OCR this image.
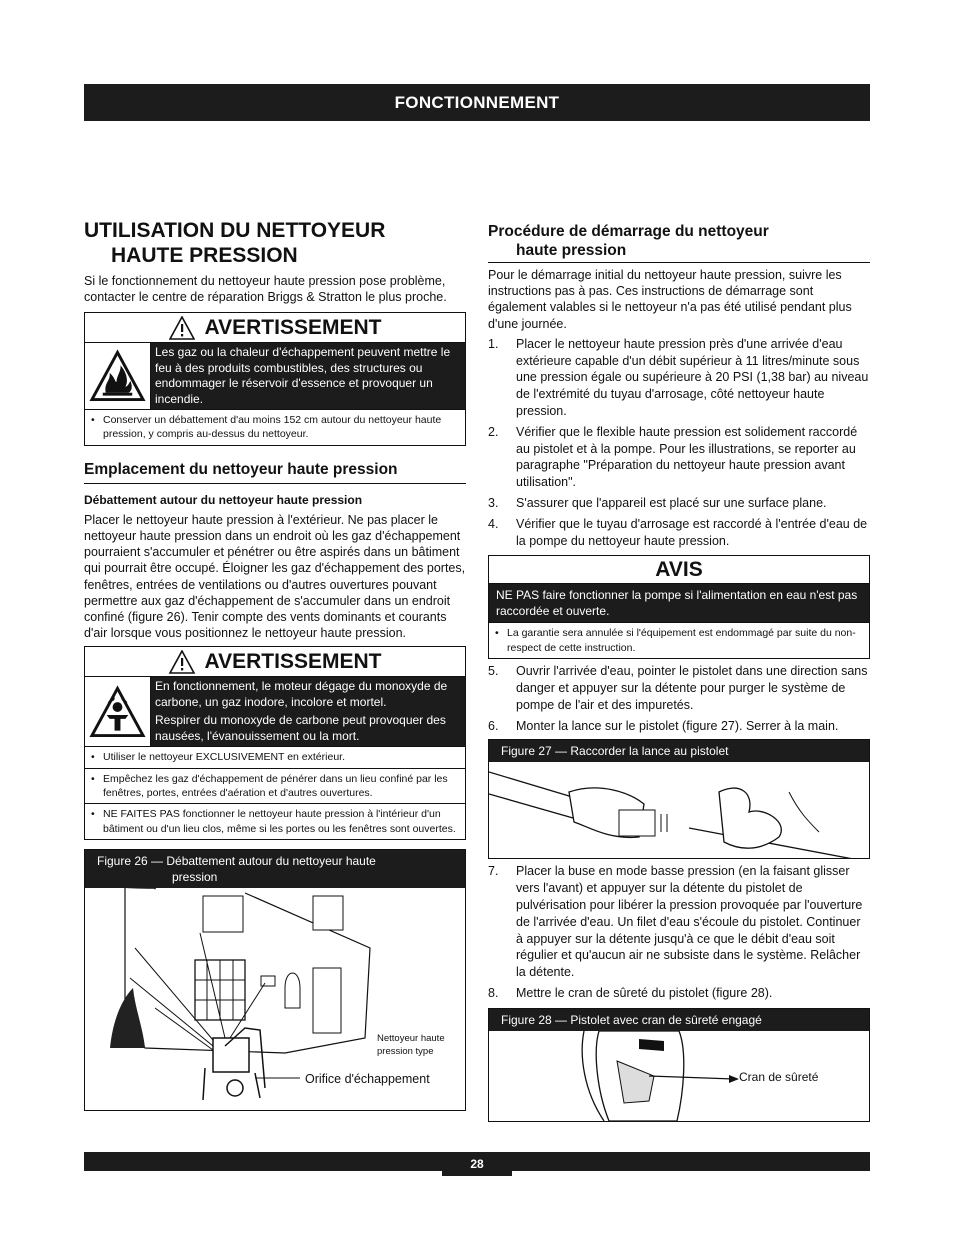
FONCTIONNEMENT
UTILISATION DU NETTOYEUR
HAUTE PRESSION

Si le fonctionnement du nettoyeur haute pression pose problème, contacter le centre de réparation Briggs & Stratton le plus proche.

AVERTISSEMENT
Les gaz ou la chaleur d'échappement peuvent mettre le feu à des produits combustibles, des structures ou endommager le réservoir d'essence et provoquer un incendie.
• Conserver un débattement d'au moins 152 cm autour du nettoyeur haute pression, y compris au-dessus du nettoyeur.
Emplacement du nettoyeur haute pression
Débattement autour du nettoyeur haute pression

Placer le nettoyeur haute pression à l'extérieur. Ne pas placer le nettoyeur haute pression dans un endroit où les gaz d'échappement pourraient s'accumuler et pénétrer ou être aspirés dans un bâtiment qui pourrait être occupé. Éloigner les gaz d'échappement des portes, fenêtres, entrées de ventilations ou d'autres ouvertures pouvant permettre aux gaz d'échappement de s'accumuler dans un endroit confiné (figure 26). Tenir compte des vents dominants et courants d'air lorsque vous positionnez le nettoyeur haute pression.

AVERTISSEMENT
En fonctionnement, le moteur dégage du monoxyde de carbone, un gaz inodore, incolore et mortel.
Respirer du monoxyde de carbone peut provoquer des nausées, l'évanouissement ou la mort.
• Utiliser le nettoyeur EXCLUSIVEMENT en extérieur.
• Empêchez les gaz d'échappement de pénérer dans un lieu confiné par les fenêtres, portes, entrées d'aération et d'autres ouvertures.
• NE FAITES PAS fonctionner le nettoyeur haute pression à l'intérieur d'un bâtiment ou d'un lieu clos, même si les portes ou les fenêtres sont ouvertes.
Figure 26 — Débattement autour du nettoyeur haute
pression
Nettoyeur haute
pression type
Orifice d'échappement
Procédure de démarrage du nettoyeur
haute pression

Pour le démarrage initial du nettoyeur haute pression, suivre les instructions pas à pas. Ces instructions de démarrage sont également valables si le nettoyeur n'a pas été utilisé pendant plus d'une journée.

1.	Placer le nettoyeur haute pression près d'une arrivée d'eau extérieure capable d'un débit supérieur à 11 litres/minute sous une pression égale ou supérieure à 20 PSI (1,38 bar) au niveau de l'extrémité du tuyau d'arrosage, côté nettoyeur haute pression.
2.	Vérifier que le flexible haute pression est solidement raccordé au pistolet et à la pompe. Pour les illustrations, se reporter au paragraphe "Préparation du nettoyeur haute pression avant utilisation".
3.	S'assurer que l'appareil est placé sur une surface plane.
4.	Vérifier que le tuyau d'arrosage est raccordé à l'entrée d'eau de la pompe du nettoyeur haute pression.
AVIS
NE PAS faire fonctionner la pompe si l'alimentation en eau n'est pas raccordée et ouverte.
• La garantie sera annulée si l'équipement est endommagé par suite du non-respect de cette instruction.
5.	Ouvrir l'arrivée d'eau, pointer le pistolet dans une direction sans danger et appuyer sur la détente pour purger le système de pompe de l'air et des impuretés.
6.	Monter la lance sur le pistolet (figure 27). Serrer à la main.
Figure 27 — Raccorder la lance au pistolet
7.	Placer la buse en mode basse pression (en la faisant glisser vers l'avant) et appuyer sur la détente du pistolet de pulvérisation pour libérer la pression provoquée par l'ouverture de l'arrivée d'eau. Un filet d'eau s'écoule du pistolet. Continuer à appuyer sur la détente jusqu'à ce que le débit d'eau soit régulier et qu'aucun air ne subsiste dans le système. Relâcher la détente.
8.	Mettre le cran de sûreté du pistolet (figure 28).
Figure 28 — Pistolet avec cran de sûreté engagé
Cran de sûreté
28
